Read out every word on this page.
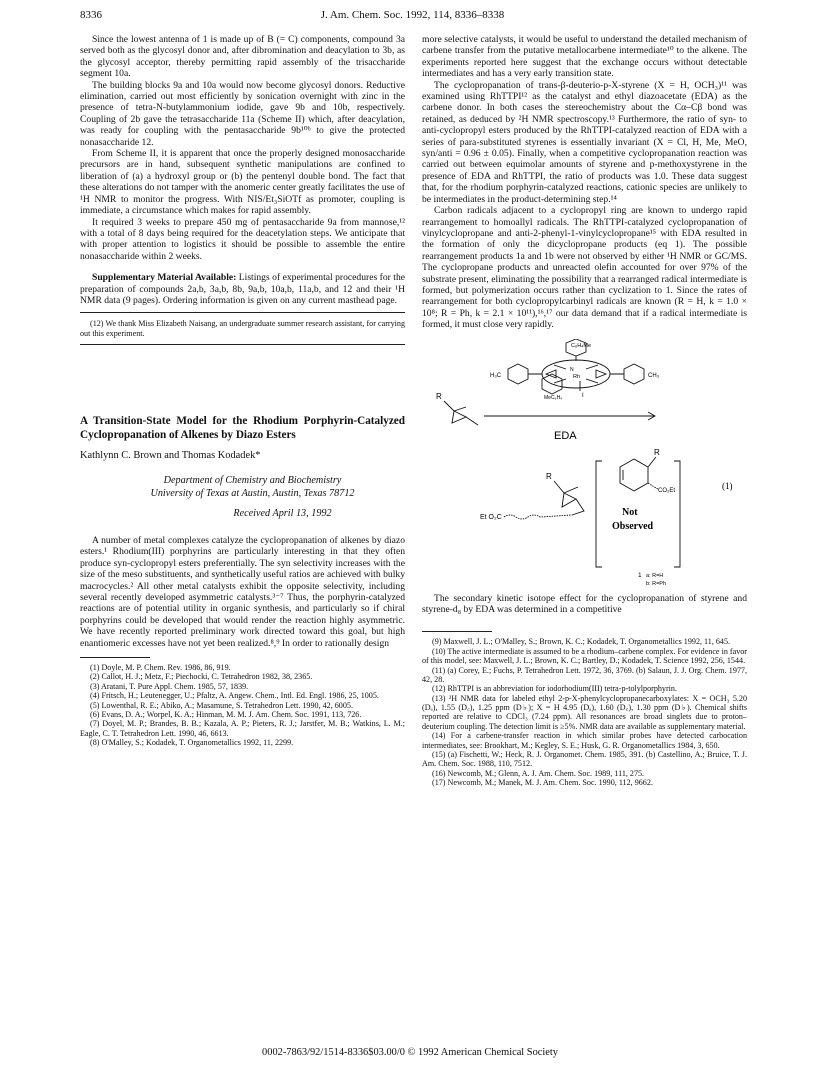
8336	J. Am. Chem. Soc. 1992, 114, 8336–8338

Since the lowest antenna of 1 is made up of B (= C) components, compound 3a served both as the glycosyl donor and, after dibromination and deacylation to 3b, as the glycosyl acceptor, thereby permitting rapid assembly of the trisaccharide segment 10a.

The building blocks 9a and 10a would now become glycosyl donors. Reductive elimination, carried out most efficiently by sonication overnight with zinc in the presence of tetra-N-butylammonium iodide, gave 9b and 10b, respectively. Coupling of 2b gave the tetrasaccharide 11a (Scheme II) which, after deacylation, was ready for coupling with the pentasaccharide 9b¹⁰ᵇ to give the protected nonasaccharide 12.

From Scheme II, it is apparent that once the properly designed monosaccharide precursors are in hand, subsequent synthetic manipulations are confined to liberation of (a) a hydroxyl group or (b) the pentenyl double bond. The fact that these alterations do not tamper with the anomeric center greatly facilitates the use of ¹H NMR to monitor the progress. With NIS/Et₃SiOTf as promoter, coupling is immediate, a circumstance which makes for rapid assembly.

It required 3 weeks to prepare 450 mg of pentasaccharide 9a from mannose,¹² with a total of 8 days being required for the deacetylation steps. We anticipate that with proper attention to logistics it should be possible to assemble the entire nonasaccharide within 2 weeks.

Supplementary Material Available: Listings of experimental procedures for the preparation of compounds 2a,b, 3a,b, 8b, 9a,b, 10a,b, 11a,b, and 12 and their ¹H NMR data (9 pages). Ordering information is given on any current masthead page.

(12) We thank Miss Elizabeth Naisang, an undergraduate summer research assistant, for carrying out this experiment.

A Transition-State Model for the Rhodium Porphyrin-Catalyzed Cyclopropanation of Alkenes by Diazo Esters
Kathlynn C. Brown and Thomas Kodadek*
Department of Chemistry and Biochemistry
University of Texas at Austin, Austin, Texas 78712
Received April 13, 1992

A number of metal complexes catalyze the cyclopropanation of alkenes by diazo esters.¹ Rhodium(III) porphyrins are particularly interesting in that they often produce syn-cyclopropyl esters preferentially. The syn selectivity increases with the size of the meso substituents, and synthetically useful ratios are achieved with bulky macrocycles.² All other metal catalysts exhibit the opposite selectivity, including several recently developed asymmetric catalysts.³⁻⁷ Thus, the porphyrin-catalyzed reactions are of potential utility in organic synthesis, and particularly so if chiral porphyrins could be developed that would render the reaction highly asymmetric. We have recently reported preliminary work directed toward this goal, but high enantiomeric excesses have not yet been realized.⁸,⁹ In order to rationally design

(1) Doyle, M. P. Chem. Rev. 1986, 86, 919.

(2) Callot, H. J.; Metz, F.; Piechocki, C. Tetrahedron 1982, 38, 2365.

(3) Aratani, T. Pure Appl. Chem. 1985, 57, 1839.

(4) Fritsch, H.; Leutenegger, U.; Pfaltz, A. Angew. Chem., Intl. Ed. Engl. 1986, 25, 1005.

(5) Lowenthal, R. E.; Abiko, A.; Masamune, S. Tetrahedron Lett. 1990, 42, 6005.

(6) Evans, D. A.; Worpel, K. A.; Hinman, M. M. J. Am. Chem. Soc. 1991, 113, 726.

(7) Doyel, M. P.; Brandes, B. B.; Kazala, A. P.; Pieters, R. J.; Jarstfer, M. B.; Watkins, L. M.; Eagle, C. T. Tetrahedron Lett. 1990, 46, 6613.

(8) O'Malley, S.; Kodadek, T. Organometallics 1992, 11, 2299.

more selective catalysts, it would be useful to understand the detailed mechanism of carbene transfer from the putative metallocarbene intermediate¹⁰ to the alkene. The experiments reported here suggest that the exchange occurs without detectable intermediates and has a very early transition state.

The cyclopropanation of trans-β-deuterio-p-X-styrene (X = H, OCH₃)¹¹ was examined using RhTTPI¹² as the catalyst and ethyl diazoacetate (EDA) as the carbene donor. In both cases the stereochemistry about the Cα–Cβ bond was retained, as deduced by ²H NMR spectroscopy.¹³ Furthermore, the ratio of syn- to anti-cyclopropyl esters produced by the RhTTPI-catalyzed reaction of EDA with a series of para-substituted styrenes is essentially invariant (X = Cl, H, Me, MeO, syn/anti = 0.96 ± 0.05). Finally, when a competitive cyclopropanation reaction was carried out between equimolar amounts of styrene and p-methoxystyrene in the presence of EDA and RhTTPI, the ratio of products was 1.0. These data suggest that, for the rhodium porphyrin-catalyzed reactions, cationic species are unlikely to be intermediates in the product-determining step.¹⁴

Carbon radicals adjacent to a cyclopropyl ring are known to undergo rapid rearrangement to homoallyl radicals. The RhTTPI-catalyzed cyclopropanation of vinylcyclopropane and anti-2-phenyl-1-vinylcyclopropane¹⁵ with EDA resulted in the formation of only the dicyclopropane products (eq 1). The possible rearrangement products 1a and 1b were not observed by either ¹H NMR or GC/MS. The cyclopropane products and unreacted olefin accounted for over 97% of the substrate present, eliminating the possibility that a rearranged radical intermediate is formed, but polymerization occurs rather than cyclization to 1. Since the rates of rearrangement for both cyclopropylcarbinyl radicals are known (R = H, k = 1.0 × 10⁸; R = Ph, k = 2.1 × 10¹¹),¹⁶,¹⁷ our data demand that if a radical intermediate is formed, it must close very rapidly.

C₆H₄Me
H₃C	CH₃
N
Rh
I
MeC₆H₄
R
EDA
R
Et O₂C
R
CO₂Et
Not
Observed
(1)
1 a: R=H
b: R=Ph

The secondary kinetic isotope effect for the cyclopropanation of styrene and styrene-d₈ by EDA was determined in a competitive

(9) Maxwell, J. L.; O'Malley, S.; Brown, K. C.; Kodadek, T. Organometallics 1992, 11, 645.

(10) The active intermediate is assumed to be a rhodium–carbene complex. For evidence in favor of this model, see: Maxwell, J. L.; Brown, K. C.; Bartley, D.; Kodadek, T. Science 1992, 256, 1544.

(11) (a) Corey, E.; Fuchs, P. Tetrahedron Lett. 1972, 36, 3769. (b) Salaun, J. J. Org. Chem. 1977, 42, 28.

(12) RhTTPI is an abbreviation for iodorhodium(III) tetra-p-tolylporphyrin.

(13) ²H NMR data for labeled ethyl 2-p-X-phenylcyclopropanecarboxylates: X = OCH₃ 5.20 (Dₐ), 1.55 (D꜀), 1.25 ppm (D♭); X = H 4.95 (Dₐ), 1.60 (D꜀), 1.30 ppm (D♭). Chemical shifts reported are relative to CDCl₃ (7.24 ppm). All resonances are broad singlets due to proton–deuterium coupling. The detection limit is ≥5%. NMR data are available as supplementary material.

(14) For a carbene-transfer reaction in which similar probes have detected carbocation intermediates, see: Brookhart, M.; Kegley, S. E.; Husk, G. R. Organometallics 1984, 3, 650.

(15) (a) Fischetti, W.; Heck, R. J. Organomet. Chem. 1985, 391. (b) Castellino, A.; Bruice, T. J. Am. Chem. Soc. 1988, 110, 7512.

(16) Newcomb, M.; Glenn, A. J. Am. Chem. Soc. 1989, 111, 275.

(17) Newcomb, M.; Manek, M. J. Am. Chem. Soc. 1990, 112, 9662.

0002-7863/92/1514-8336$03.00/0 © 1992 American Chemical Society
